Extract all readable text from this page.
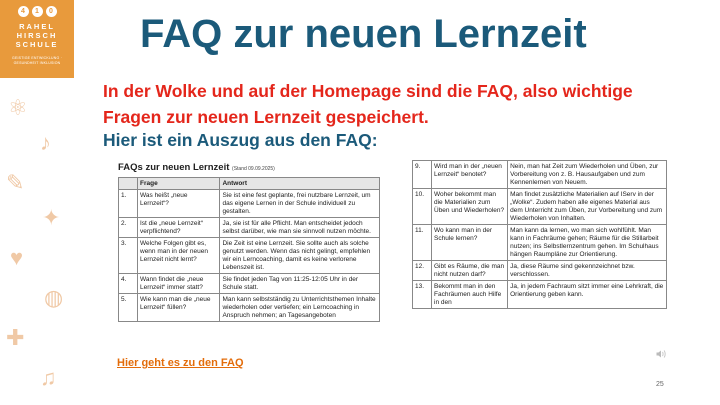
4	1	0
RAHEL
HIRSCH
SCHULE
GEISTIGE ENTWICKLUNG · GESUNDHEIT INKLUSION
⚛
♪
✎
✦
♥
◍
✚
♫
FAQ zur neuen Lernzeit
In der Wolke und auf der Homepage sind die FAQ, also wichtige Fragen zur neuen Lernzeit gespeichert.
Hier ist ein Auszug aus den FAQ:
FAQs zur neuen Lernzeit (Stand 09.09.2025)
	Frage	Antwort
1.	Was heißt „neue Lernzeit“?	Sie ist eine fest geplante, frei nutzbare Lernzeit, um das eigene Lernen in der Schule individuell zu gestalten.
2.	Ist die „neue Lernzeit“ verpflichtend?	Ja, sie ist für alle Pflicht. Man entscheidet jedoch selbst darüber, wie man sie sinnvoll nutzen möchte.
3.	Welche Folgen gibt es, wenn man in der neuen Lernzeit nicht lernt?	Die Zeit ist eine Lernzeit. Sie sollte auch als solche genutzt werden. Wenn das nicht gelingt, empfehlen wir ein Lerncoaching, damit es keine verlorene Lebenszeit ist.
4.	Wann findet die „neue Lernzeit“ immer statt?	Sie findet jeden Tag von 11:25-12:05 Uhr in der Schule statt.
5.	Wie kann man die „neue Lernzeit“ füllen?	Man kann selbstständig zu Unterrichtsthemen Inhalte wiederholen oder vertiefen; ein Lerncoaching in Anspruch nehmen; an Tagesangeboten
9.	Wird man in der „neuen Lernzeit“ benotet?	Nein, man hat Zeit zum Wiederholen und Üben, zur Vorbereitung von z. B. Hausaufgaben und zum Kennenlernen von Neuem.
10.	Woher bekommt man die Materialien zum Üben und Wiederholen?	Man findet zusätzliche Materialien auf IServ in der „Wolke“. Zudem haben alle eigenes Material aus dem Unterricht zum Üben, zur Vorbereitung und zum Wiederholen von Inhalten.
11.	Wo kann man in der Schule lernen?	Man kann da lernen, wo man sich wohlfühlt. Man kann in Fachräume gehen; Räume für die Stillarbeit nutzen; ins Selbstlernzentrum gehen. Im Schulhaus hängen Raumpläne zur Orientierung.
12.	Gibt es Räume, die man nicht nutzen darf?	Ja, diese Räume sind gekennzeichnet bzw. verschlossen.
13.	Bekommt man in den Fachräumen auch Hilfe in den	Ja, in jedem Fachraum sitzt immer eine Lehrkraft, die Orientierung geben kann.
Hier geht es zu den FAQ
25
